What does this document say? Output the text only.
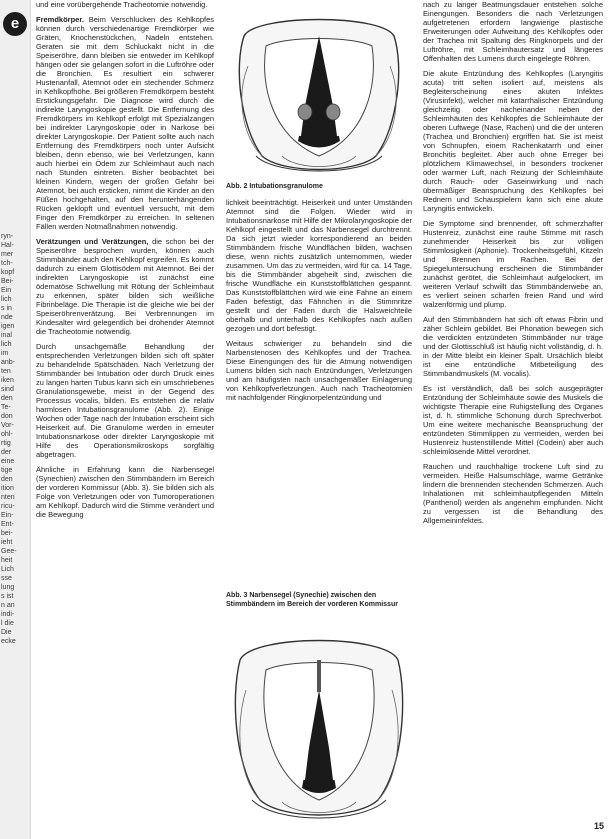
e
ryn-
Hal-
mer
tch-
kopf
Bei-
Ein
lich
s in
nde
igen
inal
lich
im
anb-
ten
iken
sind
den
Te-
don
Vor-
ohl-
rtig
der
eine
tige
den
ition
nten
ricu-
Ein-
Ent-
bei-
ieht
Gee-
heit
Lich
sse
lung
s ist
n an
indi-
l die
Die
ecke

und eine vorübergehende Tracheotomie notwendig.

Fremdkörper. Beim Verschlucken des Kehlkopfes können durch verschiedenartige Fremdkörper wie Gräten, Knochenstückchen, Nadeln entstehen. Geraten sie mit dem Schluckakt nicht in die Speiseröhre, dann bleiben sie entweder im Kehlkopf hängen oder sie gelangen sofort in die Luftröhre oder die Bronchien. Es resultiert ein schwerer Hustenanfall, Atemnot oder ein stechender Schmerz in Kehlkopfhöhe. Bei größeren Fremdkörpern besteht Erstickungsgefahr. Die Diagnose wird durch die indirekte Laryngoskopie gestellt. Die Entfernung des Fremdkörpers im Kehlkopf erfolgt mit Spezialzangen bei indirekter Laryngoskopie oder in Narkose bei direkter Laryngoskopie. Der Patient sollte auch nach Entfernung des Fremdkörpers noch unter Aufsicht bleiben, denn ebenso, wie bei Verletzungen, kann auch hierbei ein Ödem zur Schleimhaut auch nach nach Stunden eintreten. Bisher beobachtet bei kleinen Kindern, wegen der großen Gefahr bei Atemnot, bei auch ersticken, nimmt die Kinder an den Füßen hochgehalten, auf den herunterhängenden Rücken geklopft und eventuell versucht, mit dem Finger den Fremdkörper zu erreichen. In seltenen Fällen werden Notmaßnahmen notwendig.

Verätzungen und Verätzungen, die schon bei der Speiseröhre besprochen wurden, können auch Stimmbänder auch den Kehlkopf ergreifen. Es kommt dadurch zu einem Glottisödem mit Atemnot. Bei der indirekten Laryngoskopie ist zunächst eine ödematöse Schwellung mit Rötung der Schleimhaut zu erkennen, später bilden sich weißliche Fibrinbeläge. Die Therapie ist die gleiche wie bei der Speiseröhrenverätzung. Bei Verbrennungen im Kindesalter wird gelegentlich bei drohender Atemnot die Tracheotomie notwendig.

Durch unsachgemäße Behandlung der entsprechenden Verletzungen bilden sich oft später zu behandelnde Spätschäden. Nach Verletzung der Stimmbänder bei Intubation oder durch Druck eines zu langen harten Tubus kann sich ein umschriebenes Granulationsgewebe, meist in der Gegend des Processus vocalis, bilden. Es entstehen die relativ harmlosen Intubationsgranulome (Abb. 2). Einige Wochen oder Tage nach der Intubation erscheint sich Heiserkeit auf. Die Granulome werden in erneuter Intubationsnarkose oder direkter Laryngoskopie mit Hilfe des Operationsmikroskops sorgfältig abgetragen.

Ähnliche in Erfahrung kann die Narbensegel (Synechien) zwischen den Stimmbändern im Bereich der vorderen Kommissur (Abb. 3). Sie bilden sich als Folge von Verletzungen oder von Tumoroperationen am Kehlkopf. Dadurch wird die Stimme verändert und die Bewegung

Abb. 2 Intubationsgranulome

lichkeit beeinträchtigt. Heiserkeit und unter Umständen Atemnot sind die Folgen. Wieder wird in Intubationsnarkose mit Hilfe der Mikrolaryngoskopie der Kehlkopf eingestellt und das Narbensegel durchtrennt. Da sich jetzt wieder korrespondierend an beiden Stimmbändern frische Wundflächen bilden, wachsen diese, wenn nichts zusätzlich unternommen, wieder zusammen. Um das zu vermeiden, wird für ca. 14 Tage, bis die Stimmbänder abgeheilt sind, zwischen die frische Wundfläche ein Kunststoffblättchen gespannt. Das Kunststoffblättchen wird wie eine Fahne an einem Faden befestigt, das Fähnchen in die Stimmritze gestellt und der Faden durch die Halsweichteile oberhalb und unterhalb des Kehlkopfes nach außen gezogen und dort befestigt.

Weitaus schwieriger zu behandeln sind die Narbenstenosen des Kehlkopfes und der Trachea. Diese Einengungen des für die Atmung notwendigen Lumens bilden sich nach Entzündungen, Verletzungen und am häufigsten nach unsachgemäßer Einlagerung von Kehlkopfverletzungen. Auch nach Tracheotomien mit nachfolgender Ringknorpelentzündung und

Abb. 3 Narbensegel (Synechie) zwischen den Stimmbändern im Bereich der vorderen Kommissur

nach zu langer Beatmungsdauer entstehen solche Einengungen. Besonders die nach Verletzungen aufgetretenen erfordern langwierige plastische Erweiterungen oder Aufweitung des Kehlkopfes oder der Trachea mit Spaltung des Ringknorpels und der Luftröhre, mit Schleimhautersatz und längeres Offenhalten des Lumens durch eingelegte Röhren.

Die akute Entzündung des Kehlkopfes (Laryngitis acuta) tritt selten isoliert auf, meistens als Begleiterscheinung eines akuten Infektes (Virusinfekt), welcher mit katarrhalischer Entzündung gleichzeitig oder nacheinander neben der Schleimhäuten des Kehlkopfes die Schleimhäute der oberen Luftwege (Nase, Rachen) und die der unteren (Trachea und Bronchien) ergriffen hat. Sie ist meist von Schnupfen, einem Rachenkatarrh und einer Bronchitis begleitet. Aber auch ohne Erreger bei plötzlichem Klimawechsel, in besonders trockener oder warmer Luft, nach Reizung der Schleimhäute durch Rauch- oder Gaseinwirkung und nach übermäßiger Beanspruchung des Kehlkopfes bei Rednern und Schauspielern kann sich eine akute Laryngitis entwickeln.

Die Symptome sind brennender, oft schmerzhafter Hustenreiz, zunächst eine rauhe Stimme mit rasch zunehmender Heiserkeit bis zur völligen Stimmlosigkeit (Aphonie). Trockenheitsgefühl, Kitzeln und Brennen im Rachen. Bei der Spiegeluntersuchung erscheinen die Stimmbänder zunächst gerötet, die Schleimhaut aufgelockert, im weiteren Verlauf schwillt das Stimmbänderwebe an, es verliert seinen scharfen freien Rand und wird walzenförmig und plump.

Auf den Stimmbändern hat sich oft etwas Fibrin und zäher Schleim gebildet. Bei Phonation bewegen sich die verdickten entzündeten Stimmbänder nur träge und der Glottisschluß ist häufig nicht vollständig, d. h. in der Mitte bleibt ein kleiner Spalt. Ursächlich bleibt ist eine entzündliche Mitbeteiligung des Stimmbandmuskels (M. vocalis).

Es ist verständlich, daß bei solch ausgeprägter Entzündung der Schleimhäute sowie des Muskels die wichtigste Therapie eine Ruhigstellung des Organes ist, d. h. stimmliche Schonung durch Sprechverbot. Um eine weitere mechanische Beanspruchung der entzündeten Stimmlippen zu vermeiden, werden bei Hustenreiz hustenstillende Mittel (Codein) aber auch schleimlösende Mittel verordnet.

Rauchen und rauchhaltige trockene Luft sind zu vermeiden. Heiße Halsumschläge, warme Getränke lindern die brennenden stechenden Schmerzen. Auch Inhalationen mit schleimhautpflegenden Mitteln (Panthenol) werden als angenehm empfunden. Nicht zu vergessen ist die Behandlung des Allgemeininfektes.

15
